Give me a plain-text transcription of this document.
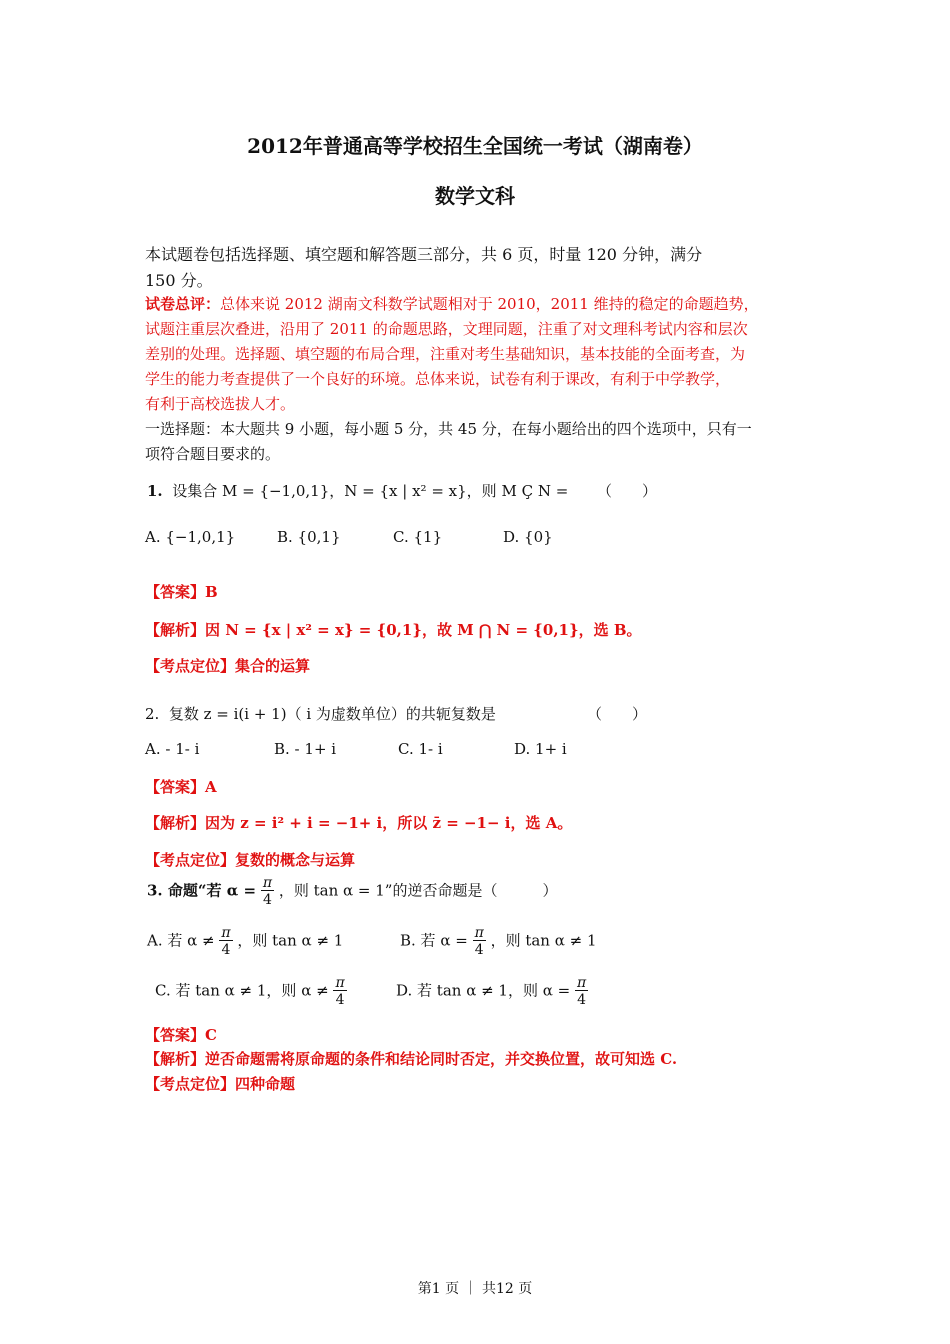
2012年普通高等学校招生全国统一考试（湖南卷）
数学文科
本试题卷包括选择题、填空题和解答题三部分，共 6 页，时量 120 分钟，满分
150 分。
试卷总评：总体来说 2012 湖南文科数学试题相对于 2010，2011 维持的稳定的命题趋势，
试题注重层次叠进，沿用了 2011 的命题思路，文理同题，注重了对文理科考试内容和层次
差别的处理。选择题、填空题的布局合理，注重对考生基础知识，基本技能的全面考查，为
学生的能力考查提供了一个良好的环境。总体来说，试卷有利于课改，有利于中学教学，
有利于高校选拔人才。
一选择题：本大题共 9 小题，每小题 5 分，共 45 分，在每小题给出的四个选项中，只有一
项符合题目要求的。
1. 设集合 M = {−1,0,1}，N = {x | x² = x}，则 M Ç N = （　　）
A. {−1,0,1}	B. {0,1}	C. {1}	D. {0}
【答案】B
【解析】因 N = {x | x² = x} = {0,1}，故 M ⋂ N = {0,1}，选 B。
【考点定位】集合的运算
2. 复数 z = i(i + 1)（ i 为虚数单位）的共轭复数是	（　　）
A. - 1- i	B. - 1+ i	C. 1- i	D. 1+ i
【答案】A
【解析】因为 z = i² + i = −1+ i，所以 z̄ = −1− i，选 A。
【考点定位】复数的概念与运算
3. 命题“若 $\alpha = \frac{\pi}{4}$ ，则 tan α = 1”的逆否命题是（　　　）
A. 若 $\alpha \ne \frac{\pi}{4}$ ，则 tan α ≠ 1	B. 若 $\alpha = \frac{\pi}{4}$ ，则 tan α ≠ 1
C. 若 tan α ≠ 1，则 $\alpha \ne \frac{\pi}{4}$	D. 若 tan α ≠ 1，则 $\alpha = \frac{\pi}{4}$
【答案】C
【解析】逆否命题需将原命题的条件和结论同时否定，并交换位置，故可知选 C.
【考点定位】四种命题
第1 页 ｜ 共12 页
